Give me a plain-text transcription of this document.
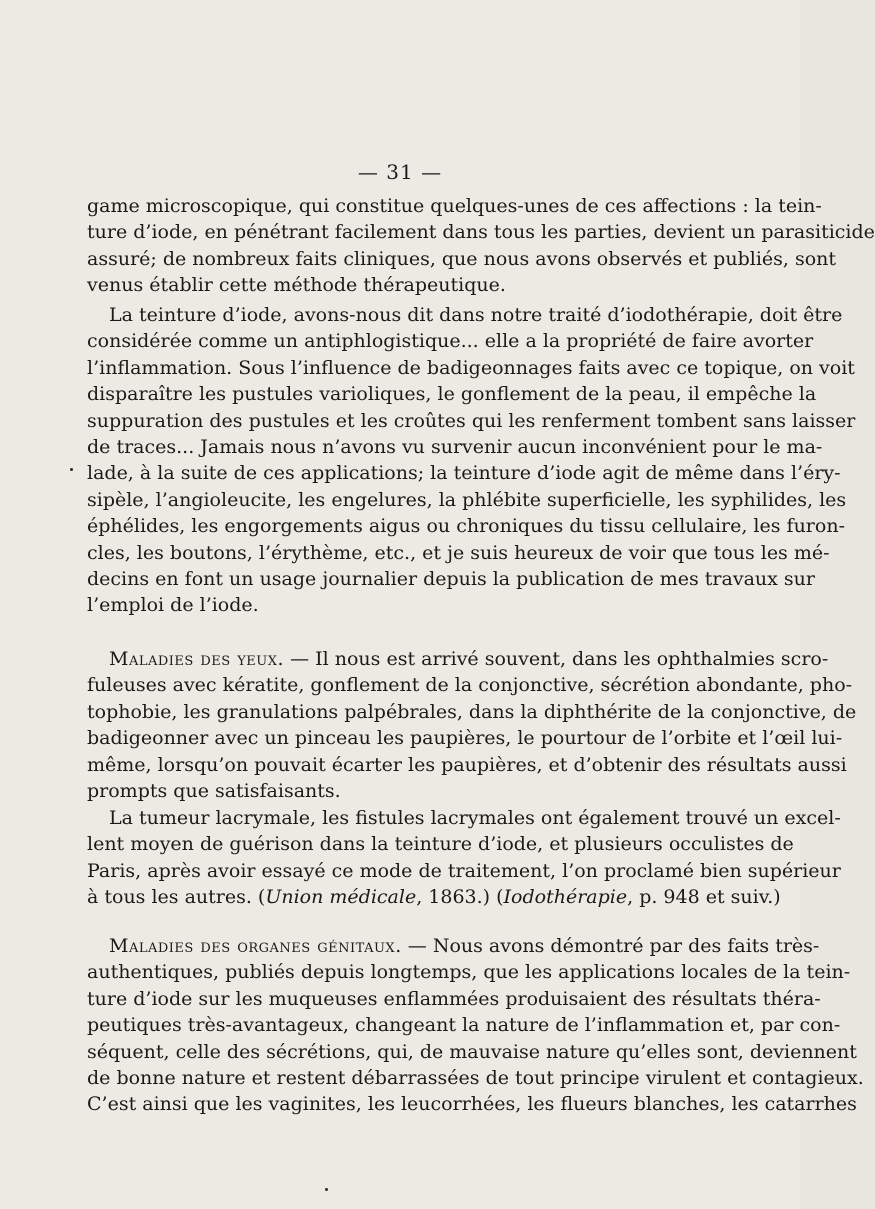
— 31 —
game microscopique, qui constitue quelques-unes de ces affections : la tein-
ture d’iode, en pénétrant facilement dans tous les parties, devient un parasiticide
assuré; de nombreux faits cliniques, que nous avons observés et publiés, sont
venus établir cette méthode thérapeutique.
La teinture d’iode, avons-nous dit dans notre traité d’iodothérapie, doit être
considérée comme un antiphlogistique... elle a la propriété de faire avorter
l’inflammation. Sous l’influence de badigeonnages faits avec ce topique, on voit
disparaître les pustules varioliques, le gonflement de la peau, il empêche la
suppuration des pustules et les croûtes qui les renferment tombent sans laisser
de traces... Jamais nous n’avons vu survenir aucun inconvénient pour le ma-
lade, à la suite de ces applications; la teinture d’iode agit de même dans l’éry-
sipèle, l’angioleucite, les engelures, la phlébite superficielle, les syphilides, les
éphélides, les engorgements aigus ou chroniques du tissu cellulaire, les furon-
cles, les boutons, l’érythème, etc., et je suis heureux de voir que tous les mé-
decins en font un usage journalier depuis la publication de mes travaux sur
l’emploi de l’iode.
Maladies des yeux. — Il nous est arrivé souvent, dans les ophthalmies scro-
fuleuses avec kératite, gonflement de la conjonctive, sécrétion abondante, pho-
tophobie, les granulations palpébrales, dans la diphthérite de la conjonctive, de
badigeonner avec un pinceau les paupières, le pourtour de l’orbite et l’œil lui-
même, lorsqu’on pouvait écarter les paupières, et d’obtenir des résultats aussi
prompts que satisfaisants.
La tumeur lacrymale, les fistules lacrymales ont également trouvé un excel-
lent moyen de guérison dans la teinture d’iode, et plusieurs occulistes de
Paris, après avoir essayé ce mode de traitement, l’on proclamé bien supérieur
à tous les autres. (Union médicale, 1863.) (Iodothérapie, p. 948 et suiv.)
Maladies des organes génitaux. — Nous avons démontré par des faits très-
authentiques, publiés depuis longtemps, que les applications locales de la tein-
ture d’iode sur les muqueuses enflammées produisaient des résultats théra-
peutiques très-avantageux, changeant la nature de l’inflammation et, par con-
séquent, celle des sécrétions, qui, de mauvaise nature qu’elles sont, deviennent
de bonne nature et restent débarrassées de tout principe virulent et contagieux.
C’est ainsi que les vaginites, les leucorrhées, les flueurs blanches, les catarrhes
